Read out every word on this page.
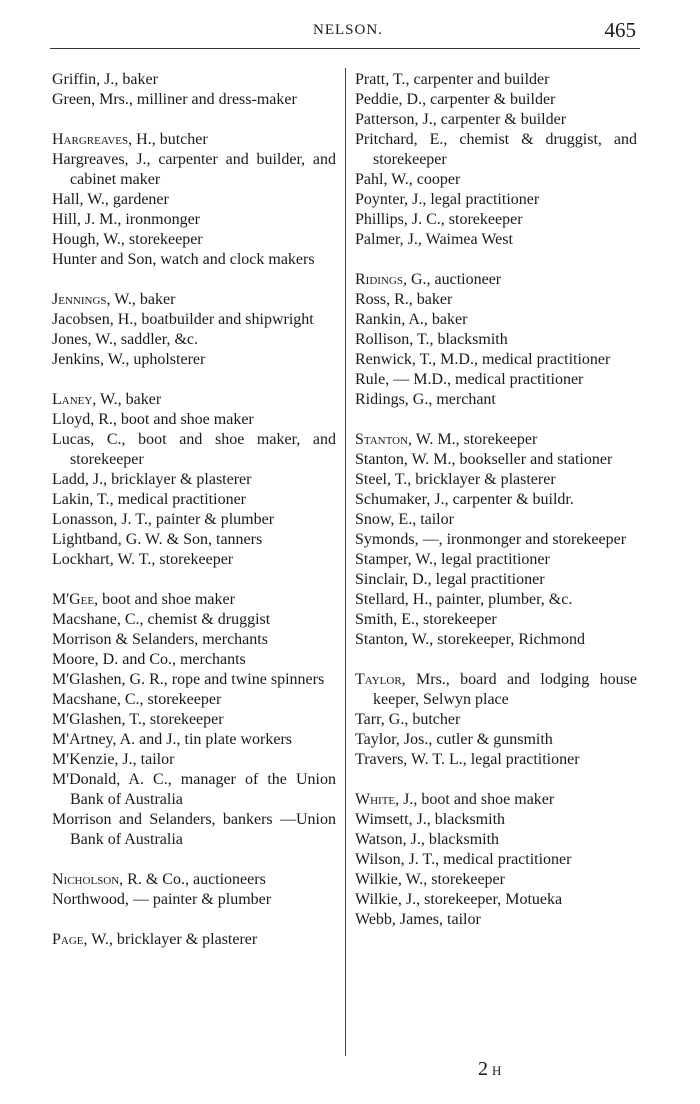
NELSON.	465
Griffin, J., baker
Green, Mrs., milliner and dress-maker
Hargreaves, H., butcher
Hargreaves, J., carpenter and builder, and cabinet maker
Hall, W., gardener
Hill, J. M., ironmonger
Hough, W., storekeeper
Hunter and Son, watch and clock makers
Jennings, W., baker
Jacobsen, H., boatbuilder and shipwright
Jones, W., saddler, &c.
Jenkins, W., upholsterer
Laney, W., baker
Lloyd, R., boot and shoe maker
Lucas, C., boot and shoe maker, and storekeeper
Ladd, J., bricklayer & plasterer
Lakin, T., medical practitioner
Lonasson, J. T., painter & plumber
Lightband, G. W. & Son, tanners
Lockhart, W. T., storekeeper
M'Gee, boot and shoe maker
Macshane, C., chemist & druggist
Morrison & Selanders, merchants
Moore, D. and Co., merchants
M'Glashen, G. R., rope and twine spinners
Macshane, C., storekeeper
M'Glashen, T., storekeeper
M'Artney, A. and J., tin plate workers
M'Kenzie, J., tailor
M'Donald, A. C., manager of the Union Bank of Australia
Morrison and Selanders, bankers —Union Bank of Australia
Nicholson, R. & Co., auctioneers
Northwood, — painter & plumber
Page, W., bricklayer & plasterer
Pratt, T., carpenter and builder
Peddie, D., carpenter & builder
Patterson, J., carpenter & builder
Pritchard, E., chemist & druggist, and storekeeper
Pahl, W., cooper
Poynter, J., legal practitioner
Phillips, J. C., storekeeper
Palmer, J., Waimea West
Ridings, G., auctioneer
Ross, R., baker
Rankin, A., baker
Rollison, T., blacksmith
Renwick, T., M.D., medical practitioner
Rule, — M.D., medical practitioner
Ridings, G., merchant
Stanton, W. M., storekeeper
Stanton, W. M., bookseller and stationer
Steel, T., bricklayer & plasterer
Schumaker, J., carpenter & buildr.
Snow, E., tailor
Symonds, —, ironmonger and storekeeper
Stamper, W., legal practitioner
Sinclair, D., legal practitioner
Stellard, H., painter, plumber, &c.
Smith, E., storekeeper
Stanton, W., storekeeper, Richmond
Taylor, Mrs., board and lodging house keeper, Selwyn place
Tarr, G., butcher
Taylor, Jos., cutler & gunsmith
Travers, W. T. L., legal practitioner
White, J., boot and shoe maker
Wimsett, J., blacksmith
Watson, J., blacksmith
Wilson, J. T., medical practitioner
Wilkie, W., storekeeper
Wilkie, J., storekeeper, Motueka
Webb, James, tailor
2 H
